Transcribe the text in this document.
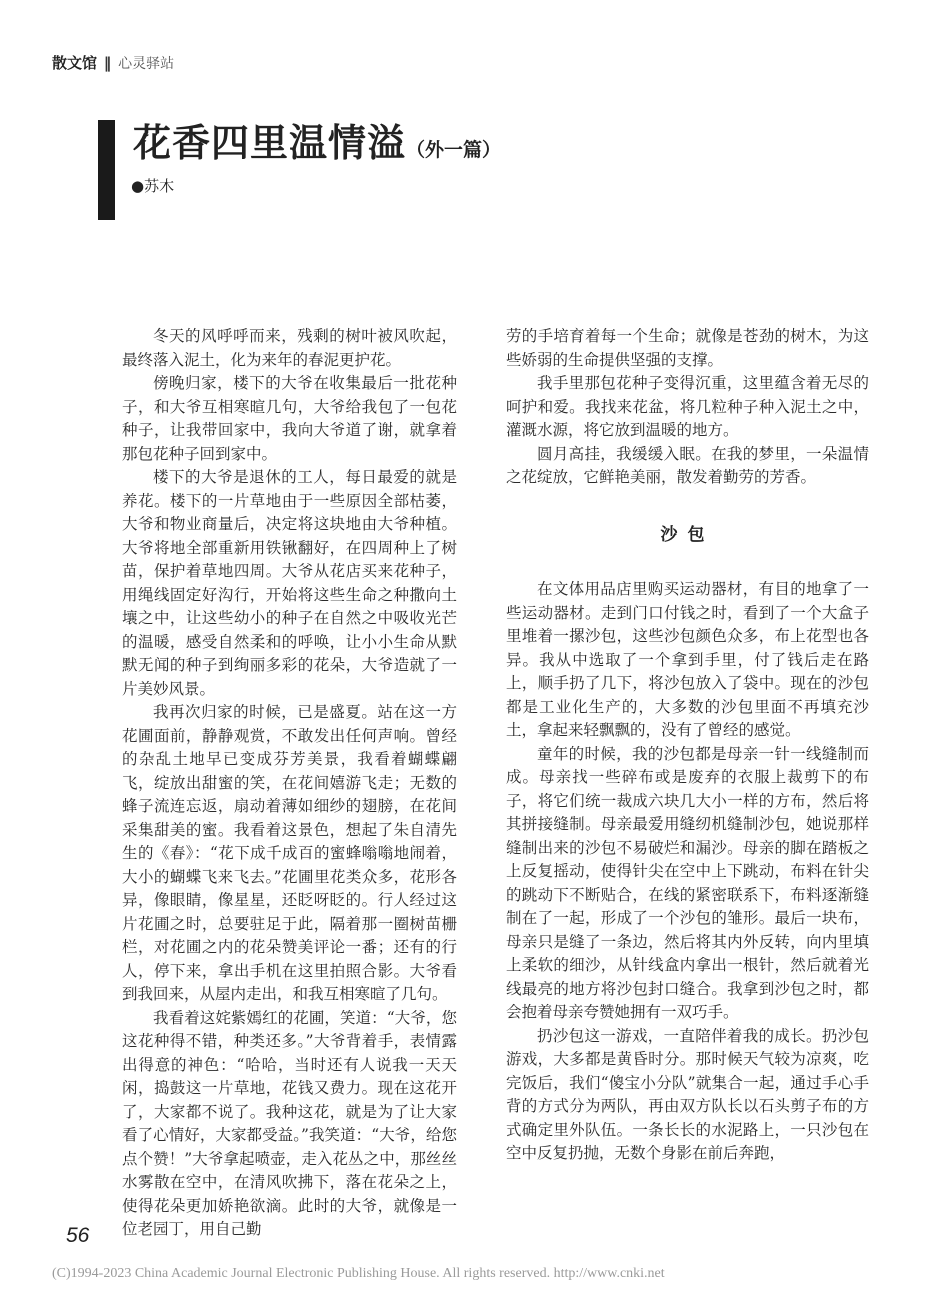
散文馆 ‖ 心灵驿站
花香四里温情溢（外一篇）
●苏木

冬天的风呼呼而来，残剩的树叶被风吹起，最终落入泥土，化为来年的春泥更护花。

傍晚归家，楼下的大爷在收集最后一批花种子，和大爷互相寒暄几句，大爷给我包了一包花种子，让我带回家中，我向大爷道了谢，就拿着那包花种子回到家中。

楼下的大爷是退休的工人，每日最爱的就是养花。楼下的一片草地由于一些原因全部枯萎，大爷和物业商量后，决定将这块地由大爷种植。大爷将地全部重新用铁锹翻好，在四周种上了树苗，保护着草地四周。大爷从花店买来花种子，用绳线固定好沟行，开始将这些生命之种撒向土壤之中，让这些幼小的种子在自然之中吸收光芒的温暖，感受自然柔和的呼唤，让小小生命从默默无闻的种子到绚丽多彩的花朵，大爷造就了一片美妙风景。

我再次归家的时候，已是盛夏。站在这一方花圃面前，静静观赏，不敢发出任何声响。曾经的杂乱土地早已变成芬芳美景，我看着蝴蝶翩飞，绽放出甜蜜的笑，在花间嬉游飞走；无数的蜂子流连忘返，扇动着薄如细纱的翅膀，在花间采集甜美的蜜。我看着这景色，想起了朱自清先生的《春》：“花下成千成百的蜜蜂嗡嗡地闹着，大小的蝴蝶飞来飞去。”花圃里花类众多，花形各异，像眼睛，像星星，还眨呀眨的。行人经过这片花圃之时，总要驻足于此，隔着那一圈树苗栅栏，对花圃之内的花朵赞美评论一番；还有的行人，停下来，拿出手机在这里拍照合影。大爷看到我回来，从屋内走出，和我互相寒暄了几句。

我看着这姹紫嫣红的花圃，笑道：“大爷，您这花种得不错，种类还多。”大爷背着手，表情露出得意的神色：“哈哈，当时还有人说我一天天闲，捣鼓这一片草地，花钱又费力。现在这花开了，大家都不说了。我种这花，就是为了让大家看了心情好，大家都受益。”我笑道：“大爷，给您点个赞！”大爷拿起喷壶，走入花丛之中，那丝丝水雾散在空中，在清风吹拂下，落在花朵之上，使得花朵更加娇艳欲滴。此时的大爷，就像是一位老园丁，用自己勤

劳的手培育着每一个生命；就像是苍劲的树木，为这些娇弱的生命提供坚强的支撑。

我手里那包花种子变得沉重，这里蕴含着无尽的呵护和爱。我找来花盆，将几粒种子种入泥土之中，灌溉水源，将它放到温暖的地方。

圆月高挂，我缓缓入眠。在我的梦里，一朵温情之花绽放，它鲜艳美丽，散发着勤劳的芳香。

沙包

在文体用品店里购买运动器材，有目的地拿了一些运动器材。走到门口付钱之时，看到了一个大盒子里堆着一摞沙包，这些沙包颜色众多，布上花型也各异。我从中选取了一个拿到手里，付了钱后走在路上，顺手扔了几下，将沙包放入了袋中。现在的沙包都是工业化生产的，大多数的沙包里面不再填充沙土，拿起来轻飘飘的，没有了曾经的感觉。

童年的时候，我的沙包都是母亲一针一线缝制而成。母亲找一些碎布或是废弃的衣服上裁剪下的布子，将它们统一裁成六块几大小一样的方布，然后将其拼接缝制。母亲最爱用缝纫机缝制沙包，她说那样缝制出来的沙包不易破烂和漏沙。母亲的脚在踏板之上反复摇动，使得针尖在空中上下跳动，布料在针尖的跳动下不断贴合，在线的紧密联系下，布料逐渐缝制在了一起，形成了一个沙包的雏形。最后一块布，母亲只是缝了一条边，然后将其内外反转，向内里填上柔软的细沙，从针线盒内拿出一根针，然后就着光线最亮的地方将沙包封口缝合。我拿到沙包之时，都会抱着母亲夸赞她拥有一双巧手。

扔沙包这一游戏，一直陪伴着我的成长。扔沙包游戏，大多都是黄昏时分。那时候天气较为凉爽，吃完饭后，我们“傻宝小分队”就集合一起，通过手心手背的方式分为两队，再由双方队长以石头剪子布的方式确定里外队伍。一条长长的水泥路上，一只沙包在空中反复扔抛，无数个身影在前后奔跑，

56
(C)1994-2023 China Academic Journal Electronic Publishing House. All rights reserved. http://www.cnki.net
